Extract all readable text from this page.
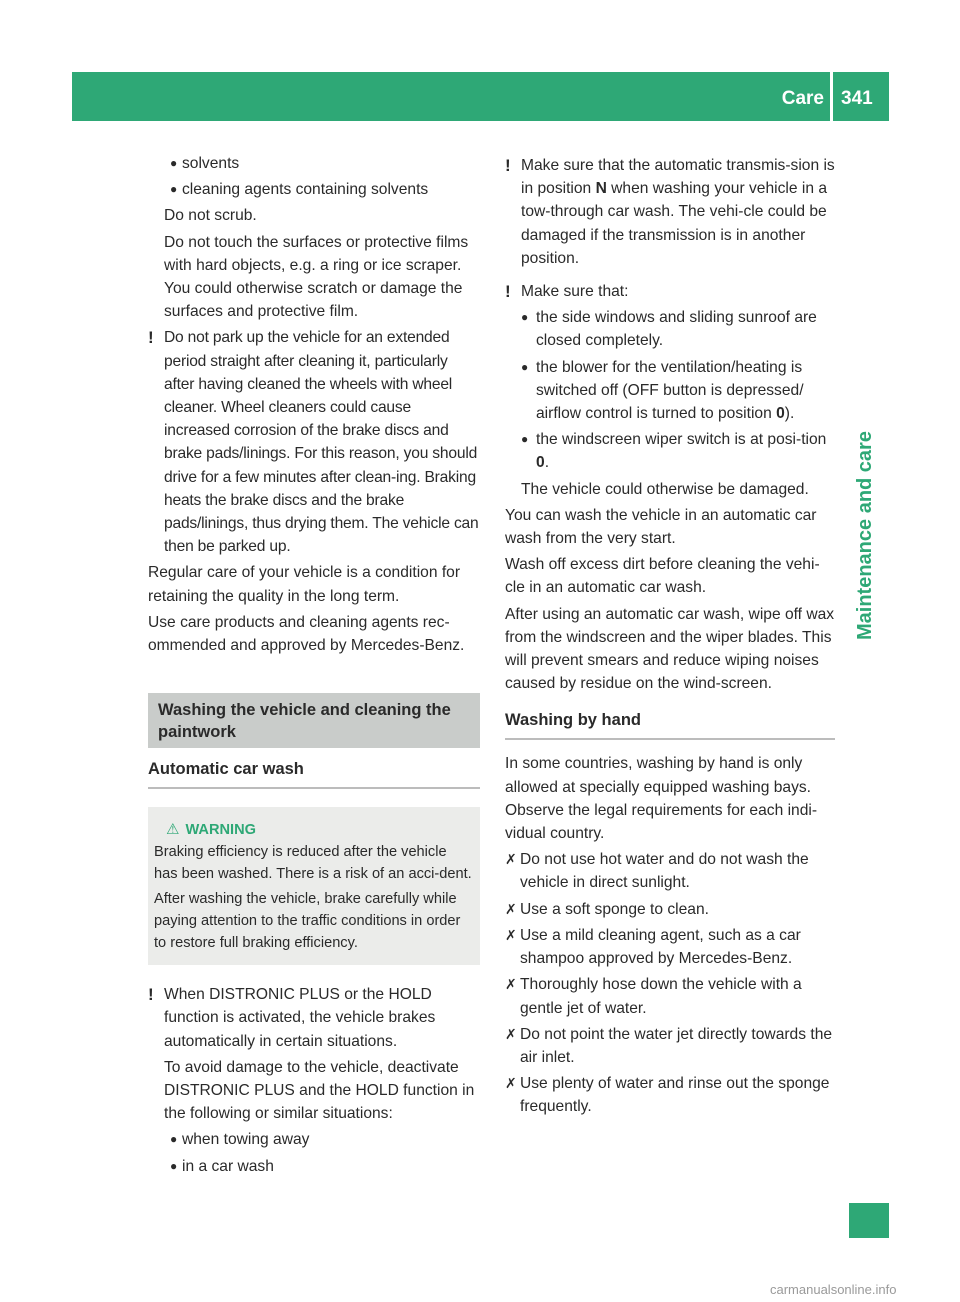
Care 341
Maintenance and care
● solvents
● cleaning agents containing solvents

Do not scrub.

Do not touch the surfaces or protective films with hard objects, e.g. a ring or ice scraper. You could otherwise scratch or damage the surfaces and protective film.

! Do not park up the vehicle for an extended period straight after cleaning it, particularly after having cleaned the wheels with wheel cleaner. Wheel cleaners could cause increased corrosion of the brake discs and brake pads/linings. For this reason, you should drive for a few minutes after clean-ing. Braking heats the brake discs and the brake pads/linings, thus drying them. The vehicle can then be parked up.

Regular care of your vehicle is a condition for retaining the quality in the long term.

Use care products and cleaning agents rec-ommended and approved by Mercedes-Benz.

Washing the vehicle and cleaning the paintwork
Automatic car wash
⚠ WARNING

Braking efficiency is reduced after the vehicle has been washed. There is a risk of an acci-dent.

After washing the vehicle, brake carefully while paying attention to the traffic conditions in order to restore full braking efficiency.

! When DISTRONIC PLUS or the HOLD function is activated, the vehicle brakes automatically in certain situations.

To avoid damage to the vehicle, deactivate DISTRONIC PLUS and the HOLD function in the following or similar situations:

● when towing away
● in a car wash
! Make sure that the automatic transmis-sion is in position N when washing your vehicle in a tow-through car wash. The vehi-cle could be damaged if the transmission is in another position.
! Make sure that:
● the side windows and sliding sunroof are closed completely.
● the blower for the ventilation/heating is switched off (OFF button is depressed/ airflow control is turned to position 0).
● the windscreen wiper switch is at posi-tion 0.

The vehicle could otherwise be damaged.

You can wash the vehicle in an automatic car wash from the very start.

Wash off excess dirt before cleaning the vehi-cle in an automatic car wash.

After using an automatic car wash, wipe off wax from the windscreen and the wiper blades. This will prevent smears and reduce wiping noises caused by residue on the wind-screen.

Washing by hand

In some countries, washing by hand is only allowed at specially equipped washing bays. Observe the legal requirements for each indi-vidual country.

✗ Do not use hot water and do not wash the vehicle in direct sunlight.
✗ Use a soft sponge to clean.
✗ Use a mild cleaning agent, such as a car shampoo approved by Mercedes-Benz.
✗ Thoroughly hose down the vehicle with a gentle jet of water.
✗ Do not point the water jet directly towards the air inlet.
✗ Use plenty of water and rinse out the sponge frequently.
carmanualsonline.info
